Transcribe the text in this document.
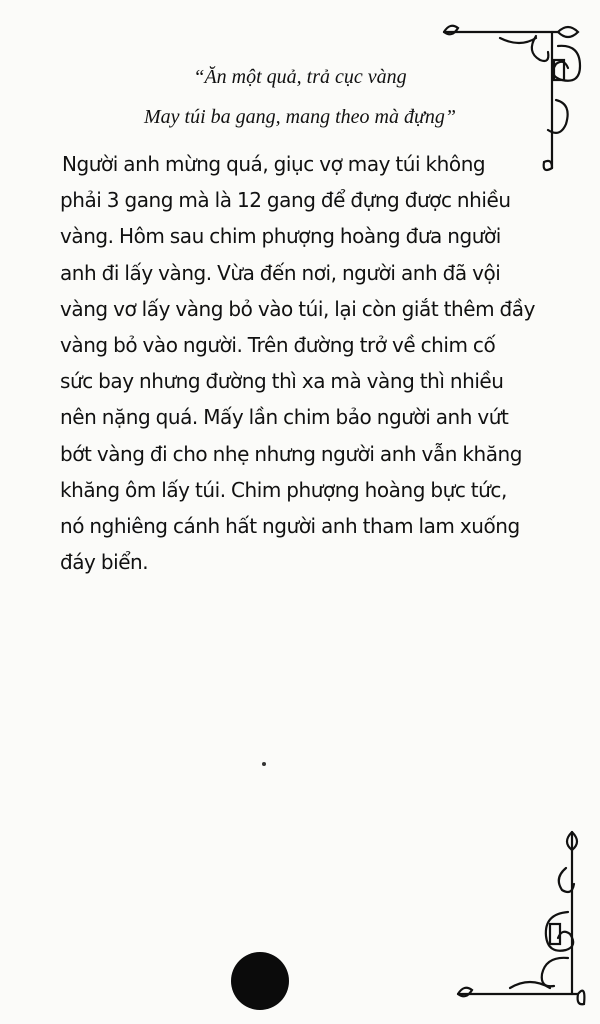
“Ăn một quả, trả cục vàng
May túi ba gang, mang theo mà đựng”
Người anh mừng quá, giục vợ may túi không
phải 3 gang mà là 12 gang để đựng được nhiều
vàng. Hôm sau chim phượng hoàng đưa người
anh đi lấy vàng. Vừa đến nơi, người anh đã vội
vàng vơ lấy vàng bỏ vào túi, lại còn giắt thêm đầy
vàng bỏ vào người. Trên đường trở về chim cố
sức bay nhưng đường thì xa mà vàng thì nhiều
nên nặng quá. Mấy lần chim bảo người anh vứt
bớt vàng đi cho nhẹ nhưng người anh vẫn khăng
khăng ôm lấy túi. Chim phượng hoàng bực tức,
nó nghiêng cánh hất người anh tham lam xuống
đáy biển.
